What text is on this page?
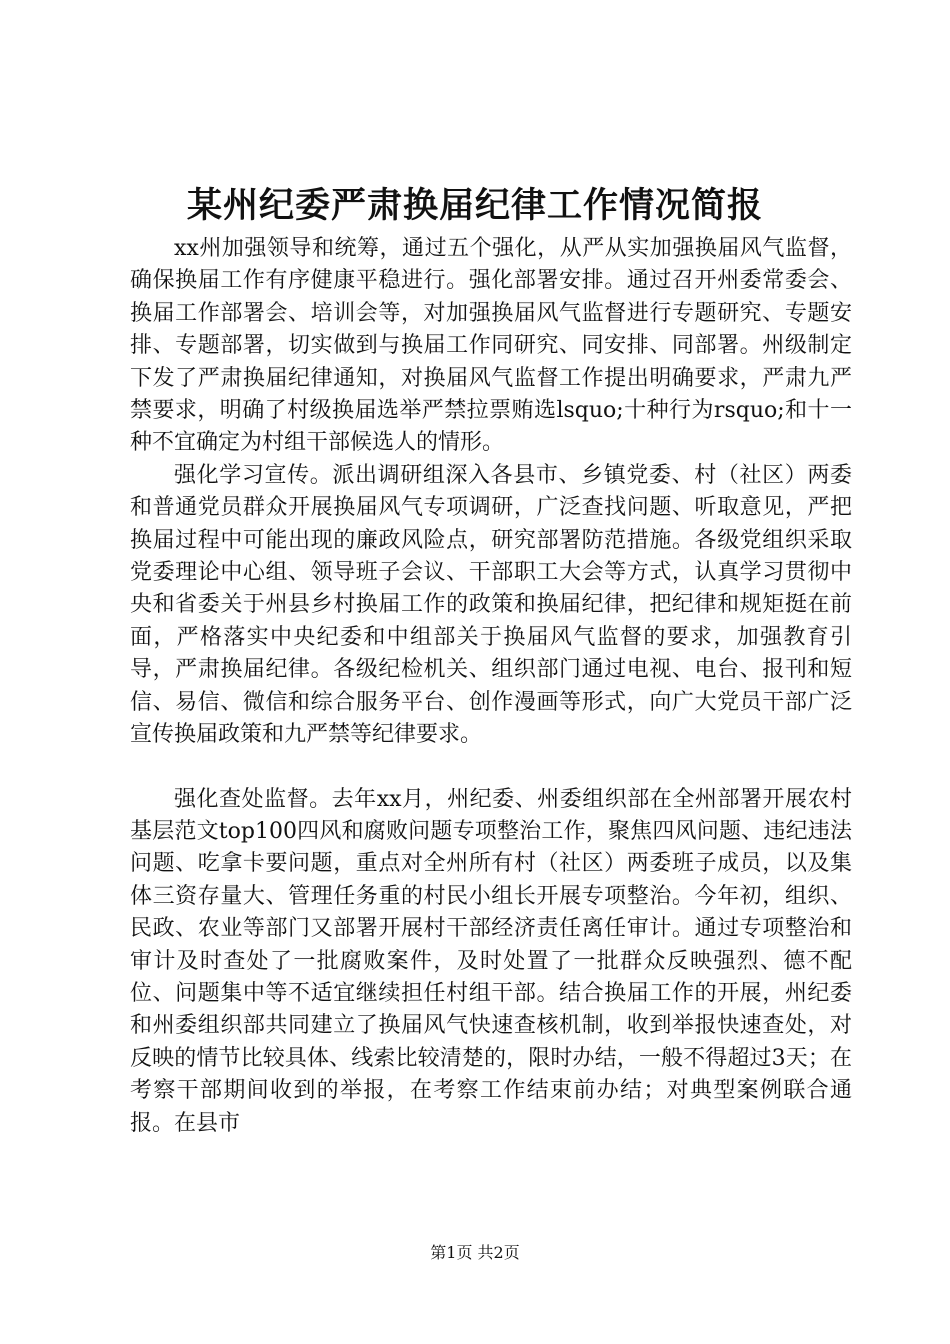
某州纪委严肃换届纪律工作情况简报

xx州加强领导和统筹，通过五个强化，从严从实加强换届风气监督，确保换届工作有序健康平稳进行。强化部署安排。通过召开州委常委会、换届工作部署会、培训会等，对加强换届风气监督进行专题研究、专题安排、专题部署，切实做到与换届工作同研究、同安排、同部署。州级制定下发了严肃换届纪律通知，对换届风气监督工作提出明确要求，严肃九严禁要求，明确了村级换届选举严禁拉票贿选lsquo;十种行为rsquo;和十一种不宜确定为村组干部候选人的情形。

强化学习宣传。派出调研组深入各县市、乡镇党委、村（社区）两委和普通党员群众开展换届风气专项调研，广泛查找问题、听取意见，严把换届过程中可能出现的廉政风险点，研究部署防范措施。各级党组织采取党委理论中心组、领导班子会议、干部职工大会等方式，认真学习贯彻中央和省委关于州县乡村换届工作的政策和换届纪律，把纪律和规矩挺在前面，严格落实中央纪委和中组部关于换届风气监督的要求，加强教育引导，严肃换届纪律。各级纪检机关、组织部门通过电视、电台、报刊和短信、易信、微信和综合服务平台、创作漫画等形式，向广大党员干部广泛宣传换届政策和九严禁等纪律要求。

强化查处监督。去年xx月，州纪委、州委组织部在全州部署开展农村基层范文top100四风和腐败问题专项整治工作，聚焦四风问题、违纪违法问题、吃拿卡要问题，重点对全州所有村（社区）两委班子成员，以及集体三资存量大、管理任务重的村民小组长开展专项整治。今年初，组织、民政、农业等部门又部署开展村干部经济责任离任审计。通过专项整治和审计及时查处了一批腐败案件，及时处置了一批群众反映强烈、德不配位、问题集中等不适宜继续担任村组干部。结合换届工作的开展，州纪委和州委组织部共同建立了换届风气快速查核机制，收到举报快速查处，对反映的情节比较具体、线索比较清楚的，限时办结，一般不得超过3天；在考察干部期间收到的举报，在考察工作结束前办结；对典型案例联合通报。在县市

第1页 共2页
